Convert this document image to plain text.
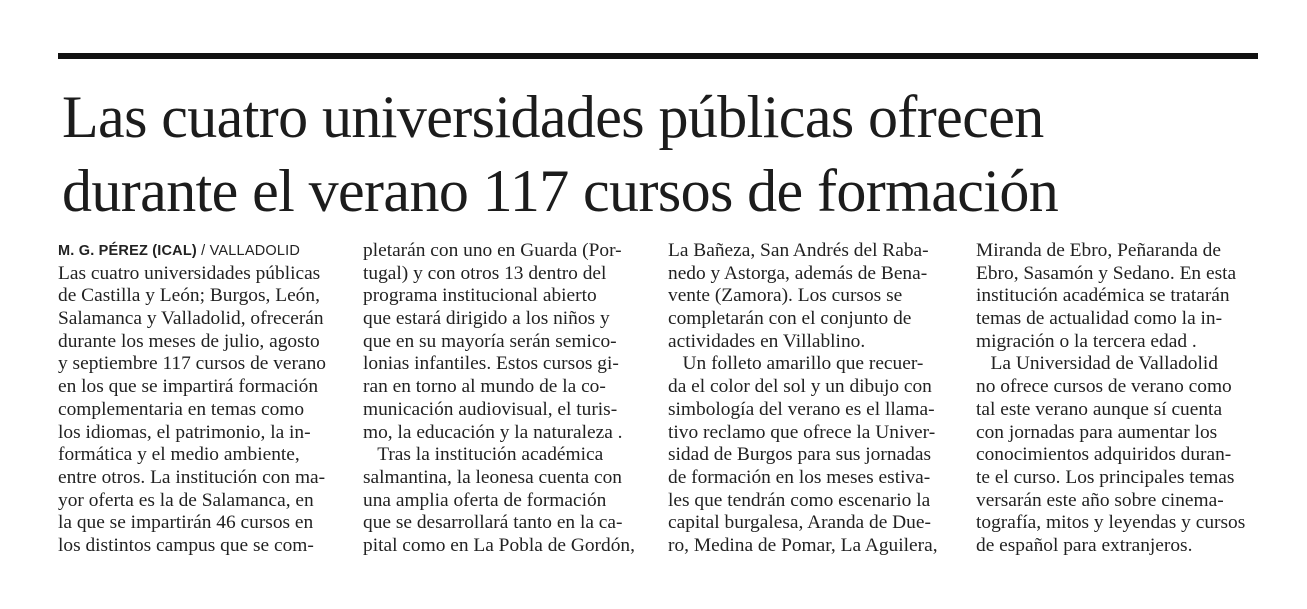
Las cuatro universidades públicas ofrecen
durante el verano 117 cursos de formación
M. G. PÉREZ (ICAL) / VALLADOLID
Las cuatro universidades públicas
de Castilla y León; Burgos, León,
Salamanca y Valladolid, ofrecerán
durante los meses de julio, agosto
y septiembre 117 cursos de verano
en los que se impartirá formación
complementaria en temas como
los idiomas, el patrimonio, la in-
formática y el medio ambiente,
entre otros. La institución con ma-
yor oferta es la de Salamanca, en
la que se impartirán 46 cursos en
los distintos campus que se com-
pletarán con uno en Guarda (Por-
tugal) y con otros 13 dentro del
programa institucional abierto
que estará dirigido a los niños y
que en su mayoría serán semico-
lonias infantiles. Estos cursos gi-
ran en torno al mundo de la co-
municación audiovisual, el turis-
mo, la educación y la naturaleza .
Tras la institución académica
salmantina, la leonesa cuenta con
una amplia oferta de formación
que se desarrollará tanto en la ca-
pital como en La Pobla de Gordón,
La Bañeza, San Andrés del Raba-
nedo y Astorga, además de Bena-
vente (Zamora). Los cursos se
completarán con el conjunto de
actividades en Villablino.
Un folleto amarillo que recuer-
da el color del sol y un dibujo con
simbología del verano es el llama-
tivo reclamo que ofrece la Univer-
sidad de Burgos para sus jornadas
de formación en los meses estiva-
les que tendrán como escenario la
capital burgalesa, Aranda de Due-
ro, Medina de Pomar, La Aguilera,
Miranda de Ebro, Peñaranda de
Ebro, Sasamón y Sedano. En esta
institución académica se tratarán
temas de actualidad como la in-
migración o la tercera edad .
La Universidad de Valladolid
no ofrece cursos de verano como
tal este verano aunque sí cuenta
con jornadas para aumentar los
conocimientos adquiridos duran-
te el curso. Los principales temas
versarán este año sobre cinema-
tografía, mitos y leyendas y cursos
de español para extranjeros.
